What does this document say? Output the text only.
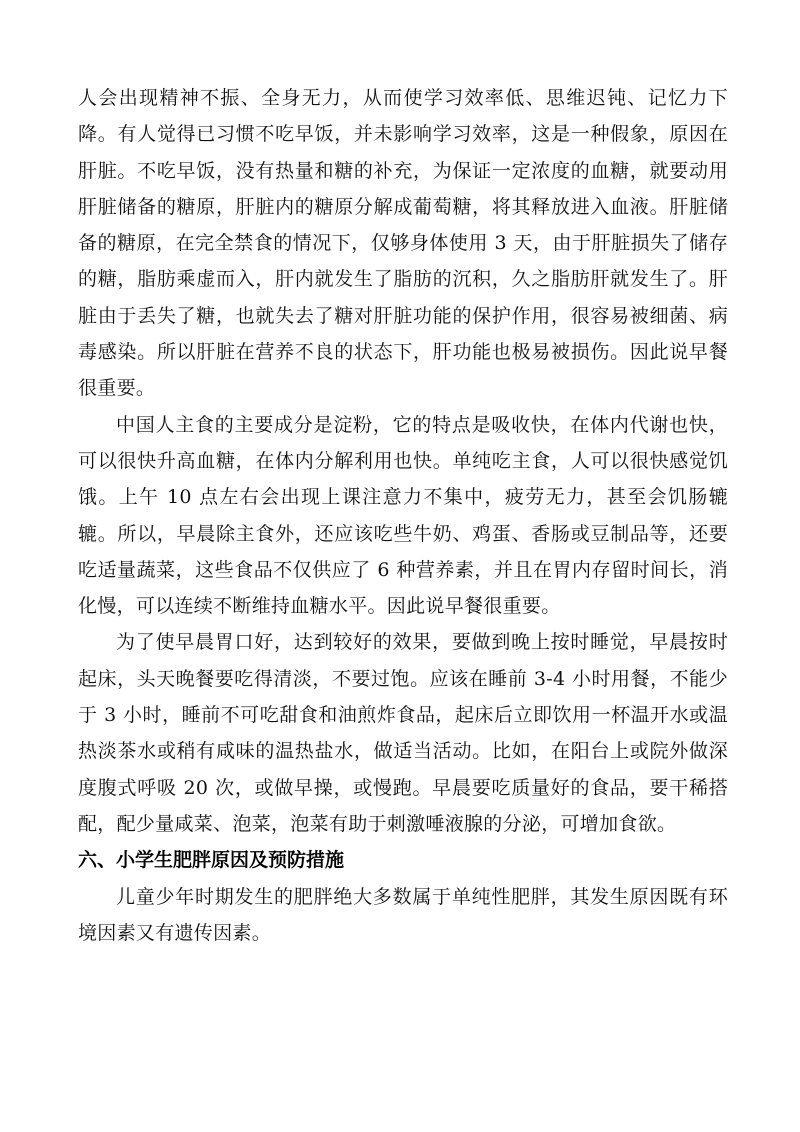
人会出现精神不振、全身无力，从而使学习效率低、思维迟钝、记忆力下降。有人觉得已习惯不吃早饭，并未影响学习效率，这是一种假象，原因在肝脏。不吃早饭，没有热量和糖的补充，为保证一定浓度的血糖，就要动用肝脏储备的糖原，肝脏内的糖原分解成葡萄糖，将其释放进入血液。肝脏储备的糖原，在完全禁食的情况下，仅够身体使用 3 天，由于肝脏损失了储存的糖，脂肪乘虚而入，肝内就发生了脂肪的沉积，久之脂肪肝就发生了。肝脏由于丢失了糖，也就失去了糖对肝脏功能的保护作用，很容易被细菌、病毒感染。所以肝脏在营养不良的状态下，肝功能也极易被损伤。因此说早餐很重要。

中国人主食的主要成分是淀粉，它的特点是吸收快，在体内代谢也快，可以很快升高血糖，在体内分解利用也快。单纯吃主食，人可以很快感觉饥饿。上午 10 点左右会出现上课注意力不集中，疲劳无力，甚至会饥肠辘辘。所以，早晨除主食外，还应该吃些牛奶、鸡蛋、香肠或豆制品等，还要吃适量蔬菜，这些食品不仅供应了 6 种营养素，并且在胃内存留时间长，消化慢，可以连续不断维持血糖水平。因此说早餐很重要。

为了使早晨胃口好，达到较好的效果，要做到晚上按时睡觉，早晨按时起床，头天晚餐要吃得清淡，不要过饱。应该在睡前 3-4 小时用餐，不能少于 3 小时，睡前不可吃甜食和油煎炸食品，起床后立即饮用一杯温开水或温热淡茶水或稍有咸味的温热盐水，做适当活动。比如，在阳台上或院外做深度腹式呼吸 20 次，或做早操，或慢跑。早晨要吃质量好的食品，要干稀搭配，配少量咸菜、泡菜，泡菜有助于刺激唾液腺的分泌，可增加食欲。

六、小学生肥胖原因及预防措施

儿童少年时期发生的肥胖绝大多数属于单纯性肥胖，其发生原因既有环境因素又有遗传因素。
